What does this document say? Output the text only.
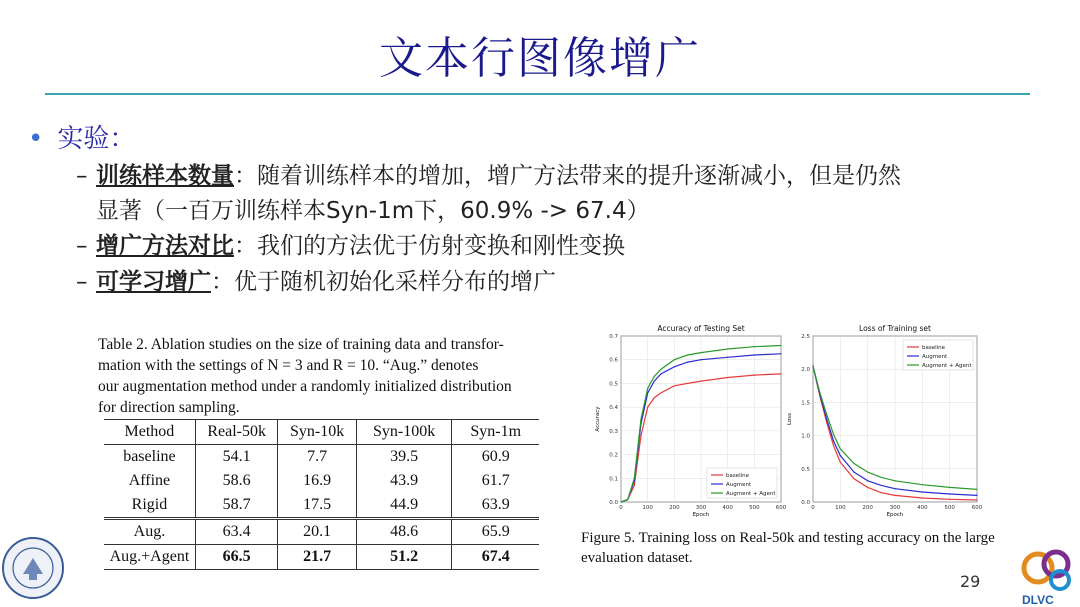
文本行图像增广
• 实验：
– 训练样本数量：随着训练样本的增加，增广方法带来的提升逐渐减小，但是仍然
显著（一百万训练样本Syn-1m下，60.9% -> 67.4）
– 增广方法对比：我们的方法优于仿射变换和刚性变换
– 可学习增广：优于随机初始化采样分布的增广
Table 2. Ablation studies on the size of training data and transfor-
mation with the settings of N = 3 and R = 10. “Aug.” denotes
our augmentation method under a randomly initialized distribution
for direction sampling.
Method	Real-50k	Syn-10k	Syn-100k	Syn-1m
baseline	54.1	7.7	39.5	60.9
Affine	58.6	16.9	43.9	61.7
Rigid	58.7	17.5	44.9	63.9
Aug.	63.4	20.1	48.6	65.9
Aug.+Agent	66.5	21.7	51.2	67.4
0.0
0.1
0.2
0.3
0.4
0.5
0.6
0.7
0	100	200	300	400	500	600
Accuracy of Testing Set
Epoch
Accuracy
baseline
Augment
Augment + Agent
0.0
0.5
1.0
1.5
2.0
2.5
0	100	200	300	400	500	600
Loss of Training set
Epoch
Loss
baseline
Augment
Augment + Agent
Figure 5. Training loss on Real-50k and testing accuracy on the large evaluation dataset.
29
DLVC
